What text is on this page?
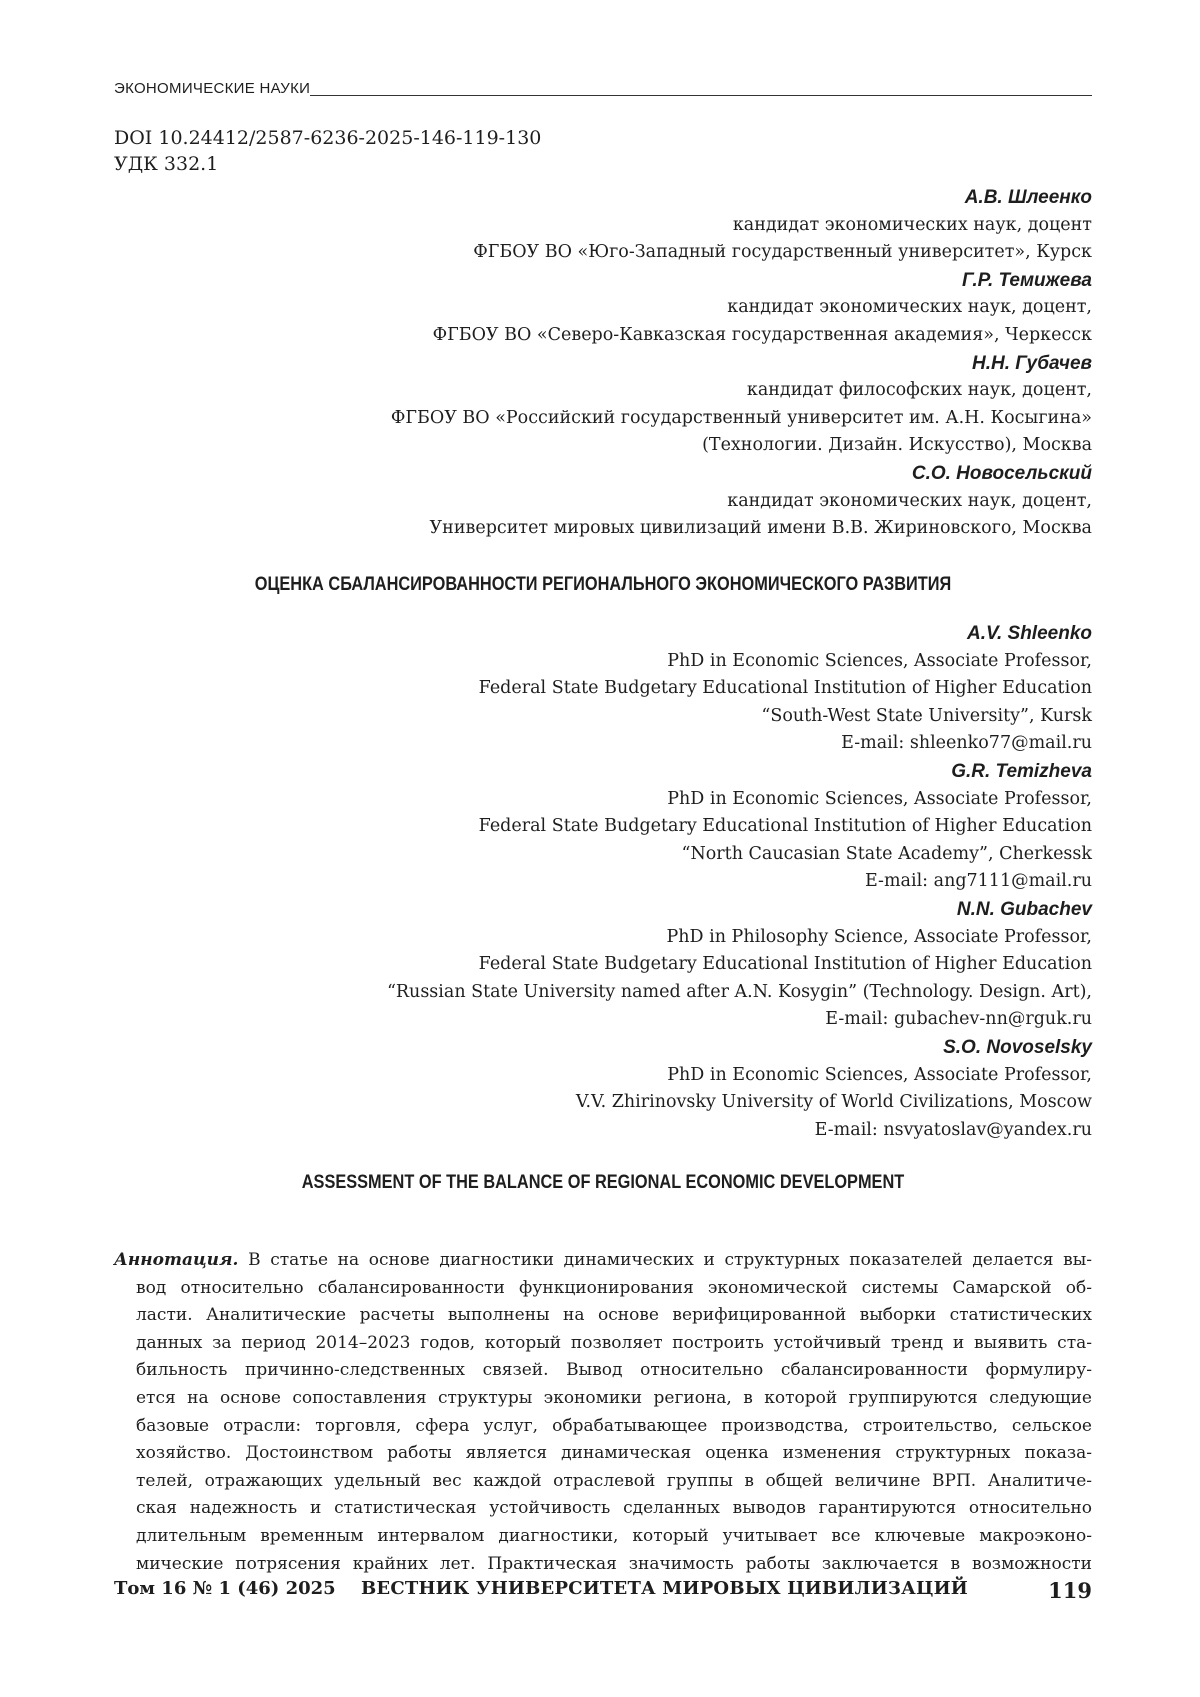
ЭКОНОМИЧЕСКИЕ НАУКИ
DOI 10.24412/2587-6236-2025-146-119-130
УДК 332.1
А.В. Шлеенко
кандидат экономических наук, доцент
ФГБОУ ВО «Юго-Западный государственный университет», Курск
Г.Р. Темижева
кандидат экономических наук, доцент,
ФГБОУ ВО «Северо-Кавказская государственная академия», Черкесск
Н.Н. Губачев
кандидат философских наук, доцент,
ФГБОУ ВО «Российский государственный университет им. А.Н. Косыгина»
(Технологии. Дизайн. Искусство), Москва
С.О. Новосельский
кандидат экономических наук, доцент,
Университет мировых цивилизаций имени В.В. Жириновского, Москва
ОЦЕНКА СБАЛАНСИРОВАННОСТИ РЕГИОНАЛЬНОГО ЭКОНОМИЧЕСКОГО РАЗВИТИЯ
A.V. Shleenko
PhD in Economic Sciences, Associate Professor,
Federal State Budgetary Educational Institution of Higher Education
“South-West State University”, Kursk
E-mail: shleenko77@mail.ru
G.R. Temizheva
PhD in Economic Sciences, Associate Professor,
Federal State Budgetary Educational Institution of Higher Education
“North Caucasian State Academy”, Cherkessk
E-mail: ang7111@mail.ru
N.N. Gubachev
PhD in Philosophy Science, Associate Professor,
Federal State Budgetary Educational Institution of Higher Education
“Russian State University named after A.N. Kosygin” (Technology. Design. Art),
E-mail: gubachev-nn@rguk.ru
S.O. Novoselsky
PhD in Economic Sciences, Associate Professor,
V.V. Zhirinovsky University of World Civilizations, Moscow
E-mail: nsvyatoslav@yandex.ru
ASSESSMENT OF THE BALANCE OF REGIONAL ECONOMIC DEVELOPMENT
Аннотация. В статье на основе диагностики динамических и структурных показателей делается вы-
вод относительно сбалансированности функционирования экономической системы Самарской об-
ласти. Аналитические расчеты выполнены на основе верифицированной выборки статистических
данных за период 2014–2023 годов, который позволяет построить устойчивый тренд и выявить ста-
бильность причинно-следственных связей. Вывод относительно сбалансированности формулиру-
ется на основе сопоставления структуры экономики региона, в которой группируются следующие
базовые отрасли: торговля, сфера услуг, обрабатывающее производства, строительство, сельское
хозяйство. Достоинством работы является динамическая оценка изменения структурных показа-
телей, отражающих удельный вес каждой отраслевой группы в общей величине ВРП. Аналитиче-
ская надежность и статистическая устойчивость сделанных выводов гарантируются относительно
длительным временным интервалом диагностики, который учитывает все ключевые макроэконо-
мические потрясения крайних лет. Практическая значимость работы заключается в возможности
Том 16 № 1 (46) 2025 ВЕСТНИК УНИВЕРСИТЕТА МИРОВЫХ ЦИВИЛИЗАЦИЙ	119
